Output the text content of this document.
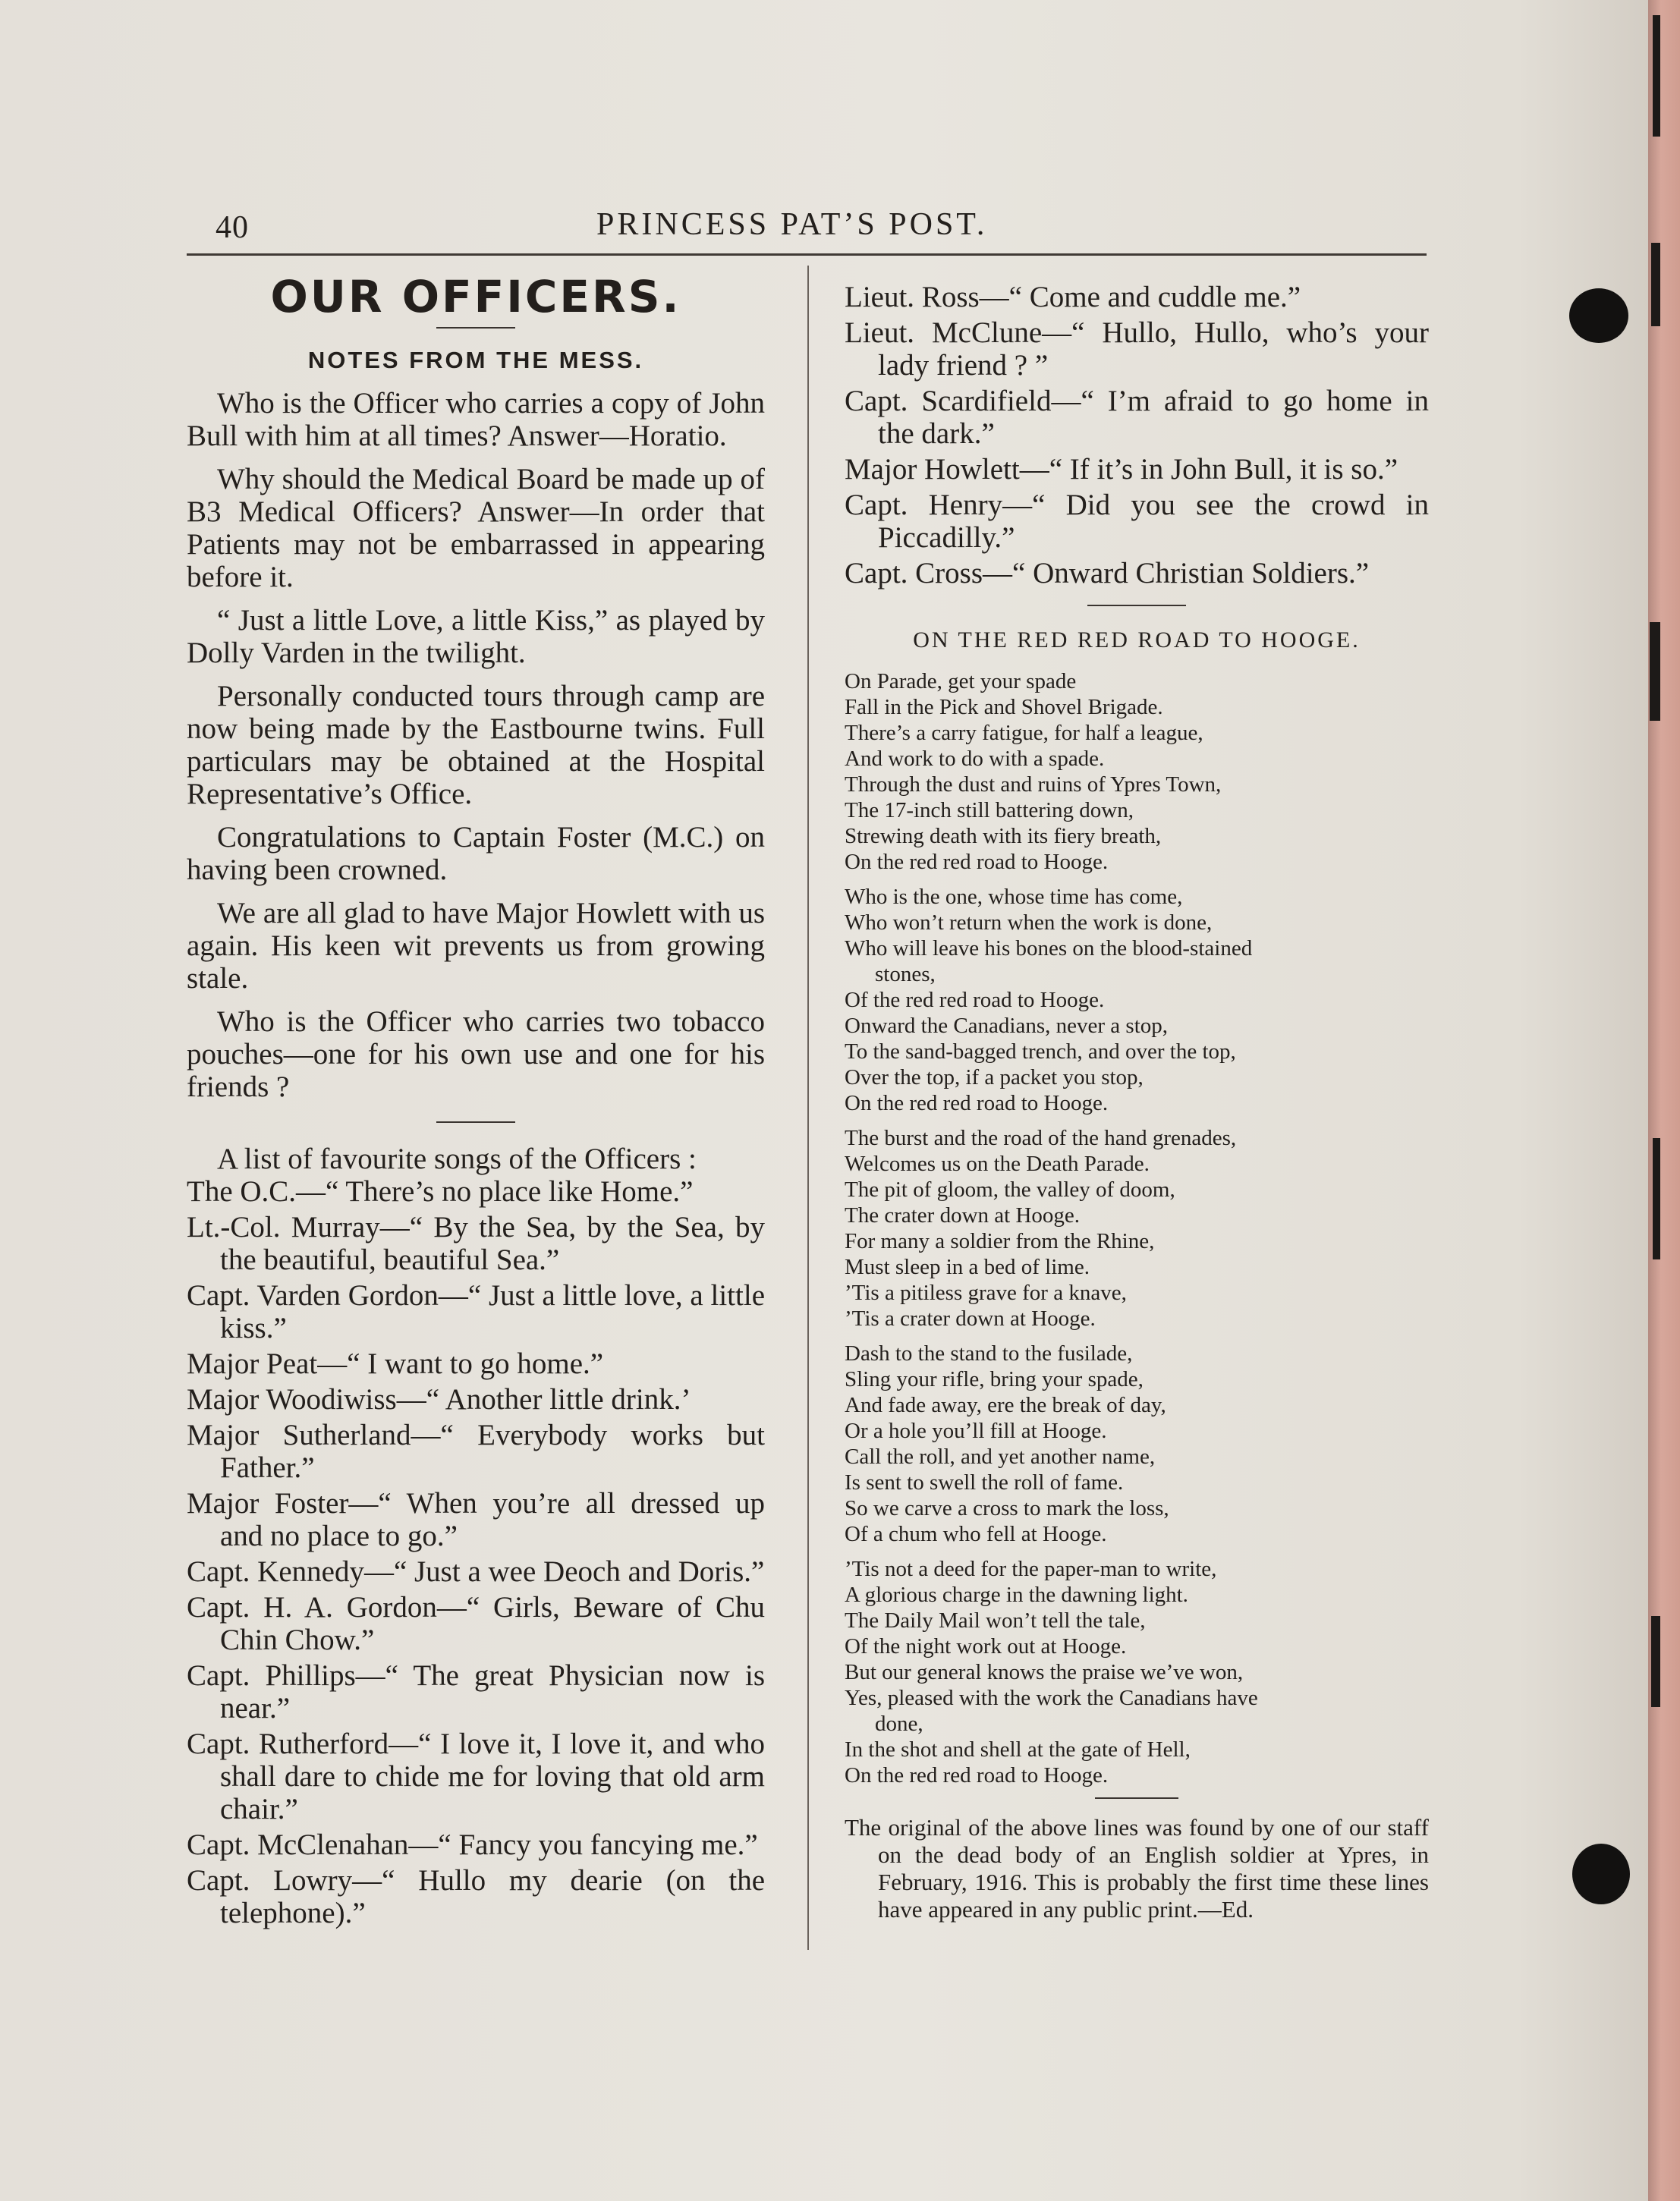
40	PRINCESS PAT’S POST.
OUR OFFICERS.
NOTES FROM THE MESS.
Who is the Officer who carries a copy of John Bull with him at all times? Answer—Horatio.
Why should the Medical Board be made up of B3 Medical Officers? Answer—In order that Patients may not be embarrassed in appearing before it.
“ Just a little Love, a little Kiss,” as played by Dolly Varden in the twilight.
Personally conducted tours through camp are now being made by the Eastbourne twins. Full particulars may be obtained at the Hospital Representative’s Office.
Congratulations to Captain Foster (M.C.) on having been crowned.
We are all glad to have Major Howlett with us again. His keen wit prevents us from growing stale.
Who is the Officer who carries two tobacco pouches—one for his own use and one for his friends ?
A list of favourite songs of the Officers :
The O.C.—“ There’s no place like Home.”
Lt.-Col. Murray—“ By the Sea, by the Sea, by the beautiful, beautiful Sea.”
Capt. Varden Gordon—“ Just a little love, a little kiss.”
Major Peat—“ I want to go home.”
Major Woodiwiss—“ Another little drink.’
Major Sutherland—“ Everybody works but Father.”
Major Foster—“ When you’re all dressed up and no place to go.”
Capt. Kennedy—“ Just a wee Deoch and Doris.”
Capt. H. A. Gordon—“ Girls, Beware of Chu Chin Chow.”
Capt. Phillips—“ The great Physician now is near.”
Capt. Rutherford—“ I love it, I love it, and who shall dare to chide me for loving that old arm chair.”
Capt. McClenahan—“ Fancy you fancying me.”
Capt. Lowry—“ Hullo my dearie (on the telephone).”
Lieut. Ross—“ Come and cuddle me.”
Lieut. McClune—“ Hullo, Hullo, who’s your lady friend ? ”
Capt. Scardifield—“ I’m afraid to go home in the dark.”
Major Howlett—“ If it’s in John Bull, it is so.”
Capt. Henry—“ Did you see the crowd in Piccadilly.”
Capt. Cross—“ Onward Christian Soldiers.”
ON THE RED RED ROAD TO HOOGE.
On Parade, get your spade
Fall in the Pick and Shovel Brigade.
There’s a carry fatigue, for half a league,
And work to do with a spade.
Through the dust and ruins of Ypres Town,
The 17-inch still battering down,
Strewing death with its fiery breath,
On the red red road to Hooge.
Who is the one, whose time has come,
Who won’t return when the work is done,
Who will leave his bones on the blood-stained
stones,
Of the red red road to Hooge.
Onward the Canadians, never a stop,
To the sand-bagged trench, and over the top,
Over the top, if a packet you stop,
On the red red road to Hooge.
The burst and the road of the hand grenades,
Welcomes us on the Death Parade.
The pit of gloom, the valley of doom,
The crater down at Hooge.
For many a soldier from the Rhine,
Must sleep in a bed of lime.
’Tis a pitiless grave for a knave,
’Tis a crater down at Hooge.
Dash to the stand to the fusilade,
Sling your rifle, bring your spade,
And fade away, ere the break of day,
Or a hole you’ll fill at Hooge.
Call the roll, and yet another name,
Is sent to swell the roll of fame.
So we carve a cross to mark the loss,
Of a chum who fell at Hooge.
’Tis not a deed for the paper-man to write,
A glorious charge in the dawning light.
The Daily Mail won’t tell the tale,
Of the night work out at Hooge.
But our general knows the praise we’ve won,
Yes, pleased with the work the Canadians have
done,
In the shot and shell at the gate of Hell,
On the red red road to Hooge.
The original of the above lines was found by one of our staff on the dead body of an English soldier at Ypres, in February, 1916. This is probably the first time these lines have appeared in any public print.—Ed.
